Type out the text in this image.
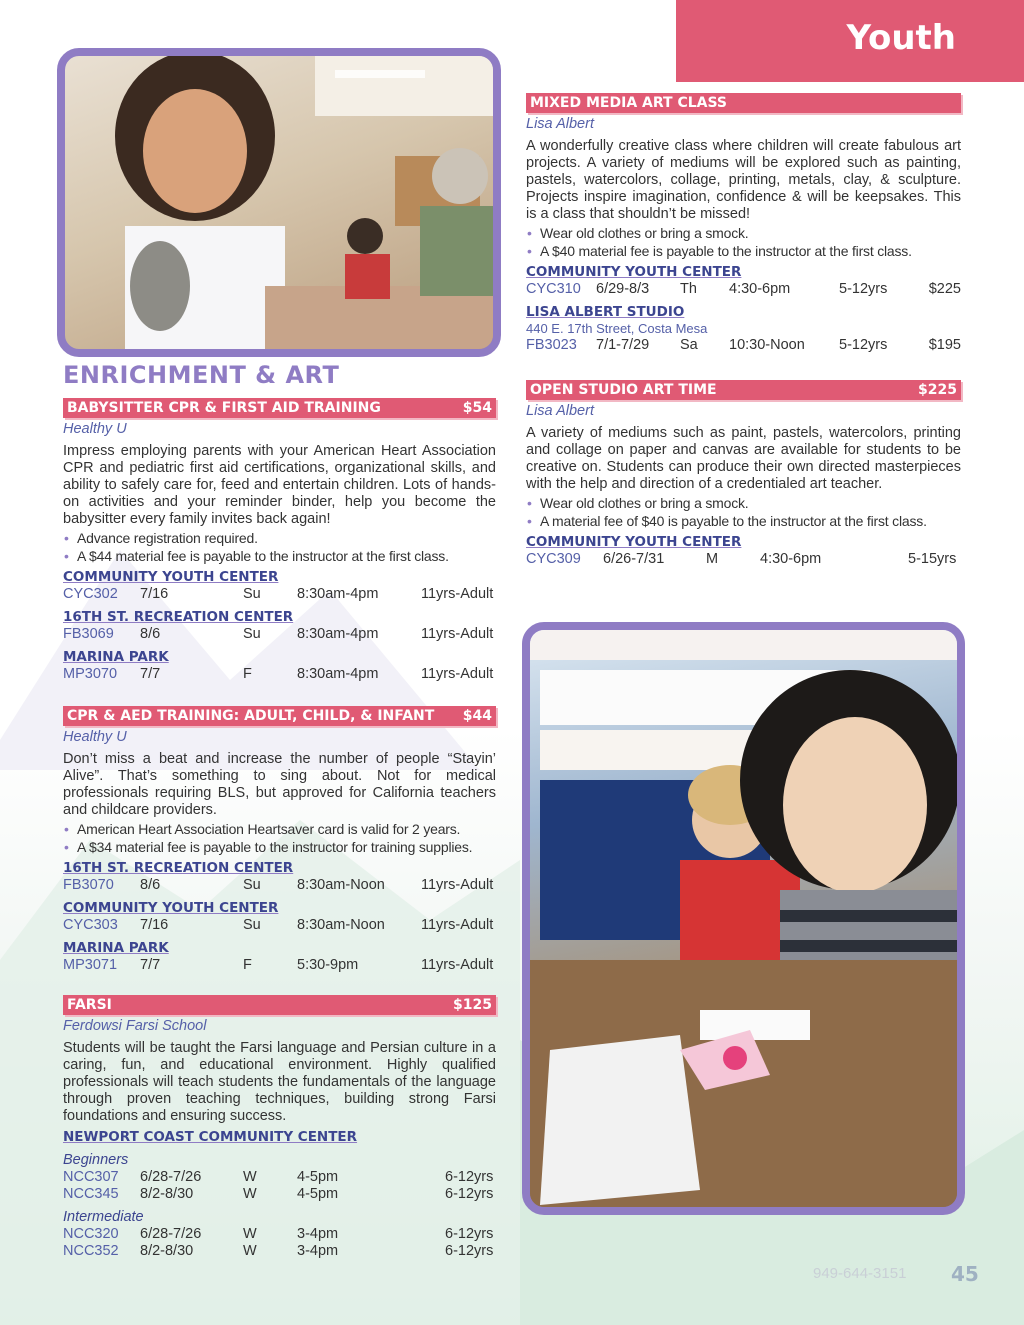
Youth
ENRICHMENT & ART
BABYSITTER CPR & FIRST AID TRAINING	$54
Healthy U
Impress employing parents with your American Heart Association CPR and pediatric first aid certifications, organizational skills, and ability to safely care for, feed and entertain children. Lots of hands-on activities and your reminder binder, help you become the babysitter every family invites back again!
• Advance registration required.
• A $44 material fee is payable to the instructor at the first class.
COMMUNITY YOUTH CENTER
CYC302	7/16	Su	8:30am-4pm	11yrs-Adult
16TH ST. RECREATION CENTER
FB3069	8/6	Su	8:30am-4pm	11yrs-Adult
MARINA PARK
MP3070	7/7	F	8:30am-4pm	11yrs-Adult
CPR & AED TRAINING: ADULT, CHILD, & INFANT $44
Healthy U
Don’t miss a beat and increase the number of people “Stayin’ Alive”. That’s something to sing about. Not for medical professionals requiring BLS, but approved for California teachers and childcare providers.
• American Heart Association Heartsaver card is valid for 2 years.
• A $34 material fee is payable to the instructor for training supplies.
16TH ST. RECREATION CENTER
FB3070	8/6	Su	8:30am-Noon	11yrs-Adult
COMMUNITY YOUTH CENTER
CYC303	7/16	Su	8:30am-Noon	11yrs-Adult
MARINA PARK
MP3071	7/7	F	5:30-9pm	11yrs-Adult
FARSI	$125
Ferdowsi Farsi School
Students will be taught the Farsi language and Persian culture in a caring, fun, and educational environment. Highly qualified professionals will teach students the fundamentals of the language through proven teaching techniques, building strong Farsi foundations and ensuring success.
NEWPORT COAST COMMUNITY CENTER
Beginners
NCC307	6/28-7/26	W	4-5pm	6-12yrs
NCC345	8/2-8/30	W	4-5pm	6-12yrs
Intermediate
NCC320	6/28-7/26	W	3-4pm	6-12yrs
NCC352	8/2-8/30	W	3-4pm	6-12yrs
MIXED MEDIA ART CLASS
Lisa Albert
A wonderfully creative class where children will create fabulous art projects. A variety of mediums will be explored such as painting, pastels, watercolors, collage, printing, metals, clay, & sculpture. Projects inspire imagination, confidence & will be keepsakes. This is a class that shouldn’t be missed!
• Wear old clothes or bring a smock.
• A $40 material fee is payable to the instructor at the first class.
COMMUNITY YOUTH CENTER
CYC310	6/29-8/3	Th	4:30-6pm	5-12yrs	$225
LISA ALBERT STUDIO
440 E. 17th Street, Costa Mesa
FB3023	7/1-7/29	Sa	10:30-Noon	5-12yrs	$195
OPEN STUDIO ART TIME	$225
Lisa Albert
A variety of mediums such as paint, pastels, watercolors, printing and collage on paper and canvas are available for students to be creative on. Students can produce their own directed masterpieces with the help and direction of a credentialed art teacher.
• Wear old clothes or bring a smock.
• A material fee of $40 is payable to the instructor at the first class.
COMMUNITY YOUTH CENTER
CYC309	6/26-7/31	M	4:30-6pm	5-15yrs
949-644-3151 45
